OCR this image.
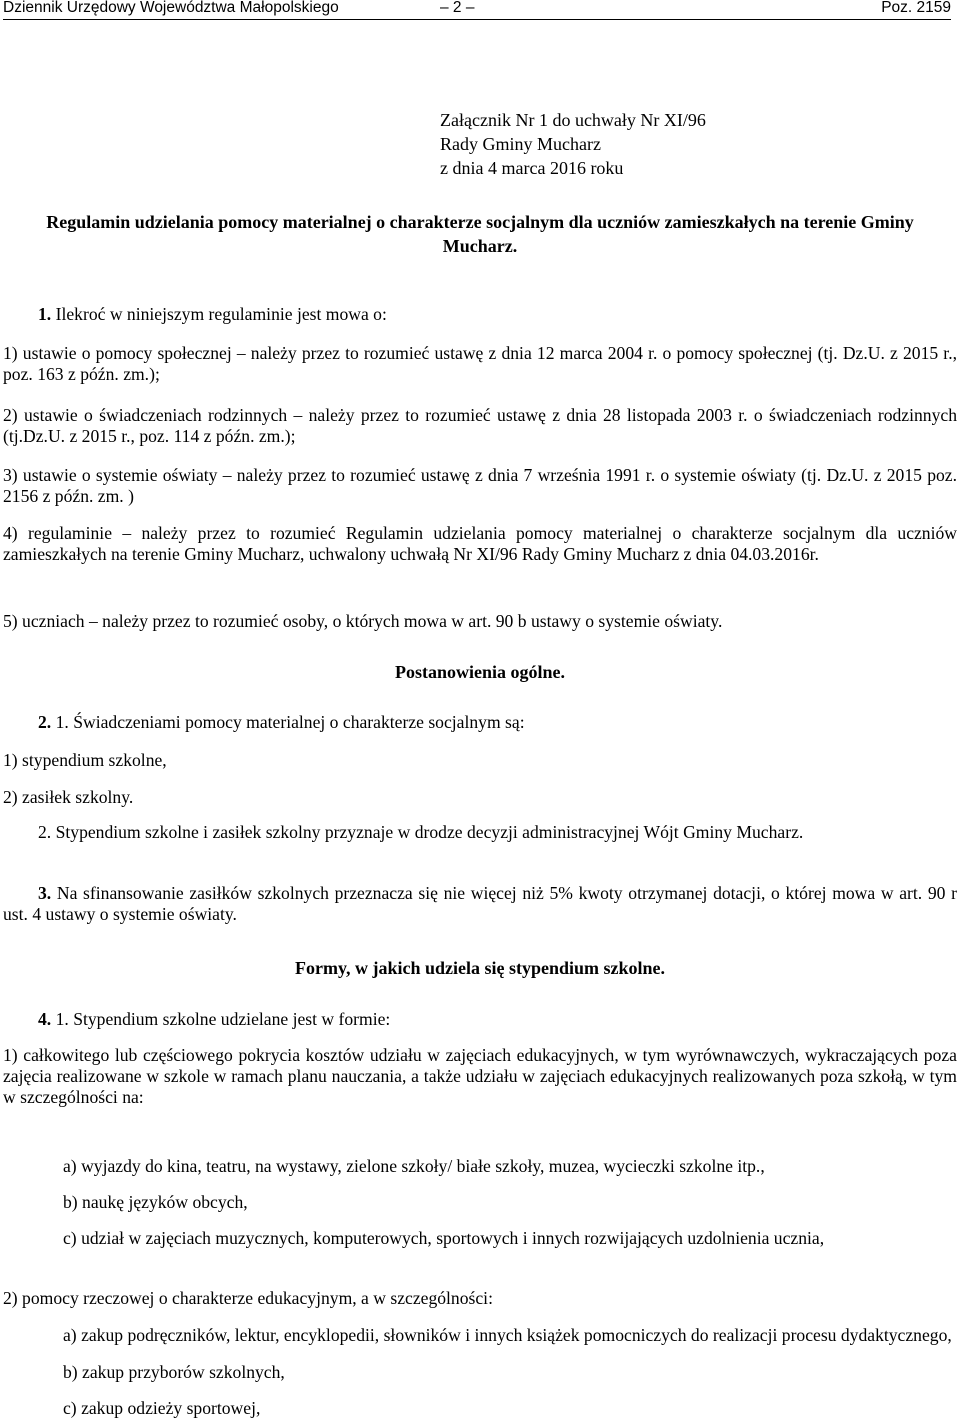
Dziennik Urzędowy Województwa Małopolskiego	– 2 –	Poz. 2159
Załącznik Nr 1 do uchwały Nr XI/96
Rady Gminy Mucharz
z dnia 4 marca 2016 roku
Regulamin udzielania pomocy materialnej o charakterze socjalnym dla uczniów zamieszkałych na terenie Gminy Mucharz.
1. Ilekroć w niniejszym regulaminie jest mowa o:
1) ustawie o pomocy społecznej – należy przez to rozumieć ustawę z dnia 12 marca 2004 r. o pomocy społecznej (tj. Dz.U. z 2015 r., poz. 163 z późn. zm.);
2) ustawie o świadczeniach rodzinnych – należy przez to rozumieć ustawę z dnia 28 listopada 2003 r. o świadczeniach rodzinnych (tj.Dz.U. z 2015 r., poz. 114 z późn. zm.);
3) ustawie o systemie oświaty – należy przez to rozumieć ustawę z dnia 7 września 1991 r. o systemie oświaty (tj. Dz.U. z 2015 poz. 2156 z późn. zm. )
4) regulaminie – należy przez to rozumieć Regulamin udzielania pomocy materialnej o charakterze socjalnym dla uczniów zamieszkałych na terenie Gminy Mucharz, uchwalony uchwałą Nr XI/96 Rady Gminy Mucharz z dnia 04.03.2016r.
5) uczniach – należy przez to rozumieć osoby, o których mowa w art. 90 b ustawy o systemie oświaty.
Postanowienia ogólne.
2. 1. Świadczeniami pomocy materialnej o charakterze socjalnym są:
1) stypendium szkolne,
2) zasiłek szkolny.
2. Stypendium szkolne i zasiłek szkolny przyznaje w drodze decyzji administracyjnej Wójt Gminy Mucharz.
3. Na sfinansowanie zasiłków szkolnych przeznacza się nie więcej niż 5% kwoty otrzymanej dotacji, o której mowa w art. 90 r ust. 4 ustawy o systemie oświaty.
Formy, w jakich udziela się stypendium szkolne.
4. 1. Stypendium szkolne udzielane jest w formie:
1) całkowitego lub częściowego pokrycia kosztów udziału w zajęciach edukacyjnych, w tym wyrównawczych, wykraczających poza zajęcia realizowane w szkole w ramach planu nauczania, a także udziału w zajęciach edukacyjnych realizowanych poza szkołą, w tym w szczególności na:
a) wyjazdy do kina, teatru, na wystawy, zielone szkoły/ białe szkoły, muzea, wycieczki szkolne itp.,
b) naukę języków obcych,
c) udział w zajęciach muzycznych, komputerowych, sportowych i innych rozwijających uzdolnienia ucznia,
2) pomocy rzeczowej o charakterze edukacyjnym, a w szczególności:
a) zakup podręczników, lektur, encyklopedii, słowników i innych książek pomocniczych do realizacji procesu dydaktycznego,
b) zakup przyborów szkolnych,
c) zakup odzieży sportowej,
